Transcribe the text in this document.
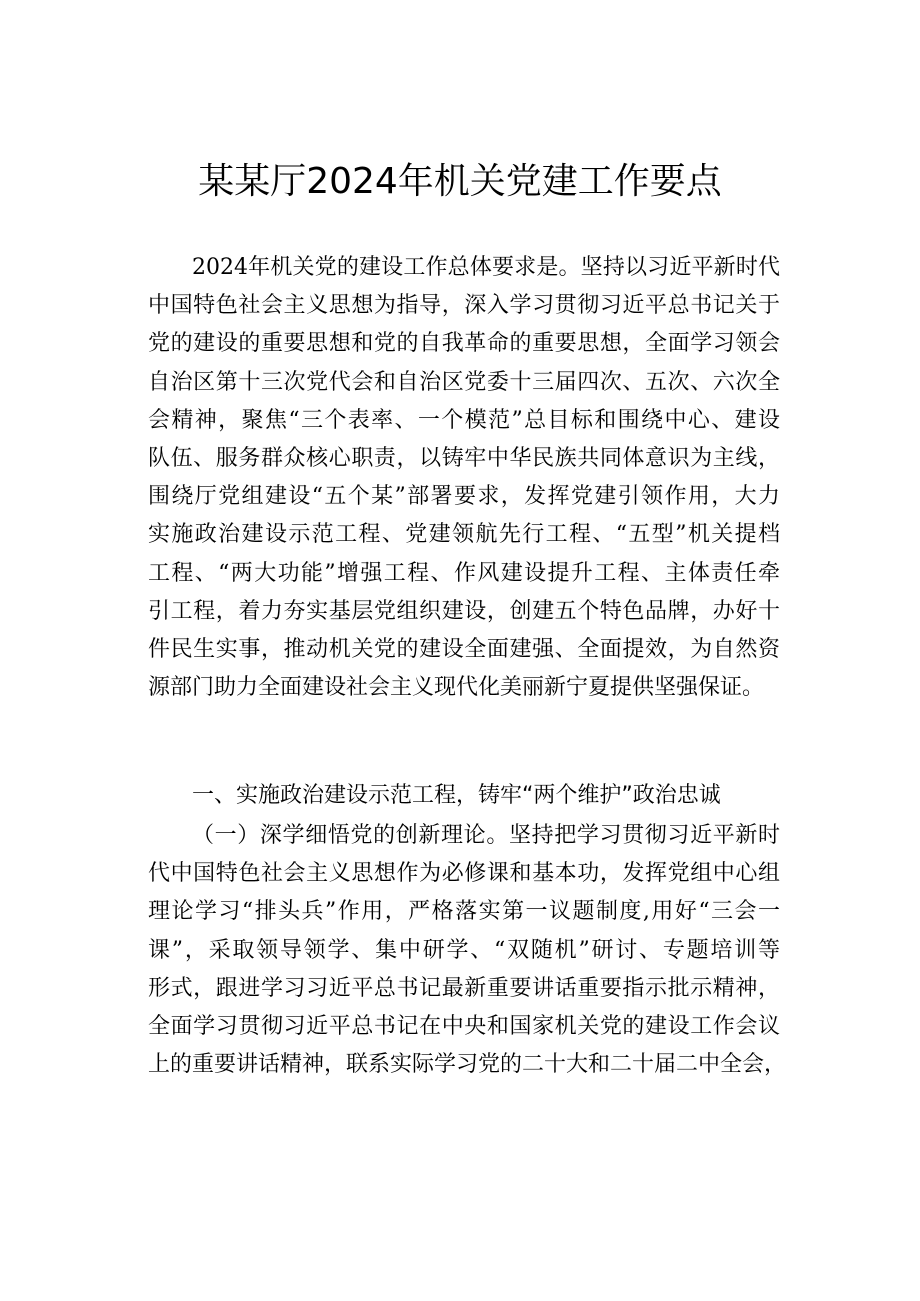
某某厅2024年机关党建工作要点
2024年机关党的建设工作总体要求是。坚持以习近平新时代
中国特色社会主义思想为指导，深入学习贯彻习近平总书记关于
党的建设的重要思想和党的自我革命的重要思想，全面学习领会
自治区第十三次党代会和自治区党委十三届四次、五次、六次全
会精神，聚焦“三个表率、一个模范”总目标和围绕中心、建设
队伍、服务群众核心职责，以铸牢中华民族共同体意识为主线，
围绕厅党组建设“五个某”部署要求，发挥党建引领作用，大力
实施政治建设示范工程、党建领航先行工程、“五型”机关提档
工程、“两大功能”增强工程、作风建设提升工程、主体责任牵
引工程，着力夯实基层党组织建设，创建五个特色品牌，办好十
件民生实事，推动机关党的建设全面建强、全面提效，为自然资
源部门助力全面建设社会主义现代化美丽新宁夏提供坚强保证。
一、实施政治建设示范工程，铸牢“两个维护”政治忠诚
（一）深学细悟党的创新理论。坚持把学习贯彻习近平新时
代中国特色社会主义思想作为必修课和基本功，发挥党组中心组
理论学习“排头兵”作用，严格落实第一议题制度,用好“三会一
课”，采取领导领学、集中研学、“双随机”研讨、专题培训等
形式，跟进学习习近平总书记最新重要讲话重要指示批示精神，
全面学习贯彻习近平总书记在中央和国家机关党的建设工作会议
上的重要讲话精神，联系实际学习党的二十大和二十届二中全会，
